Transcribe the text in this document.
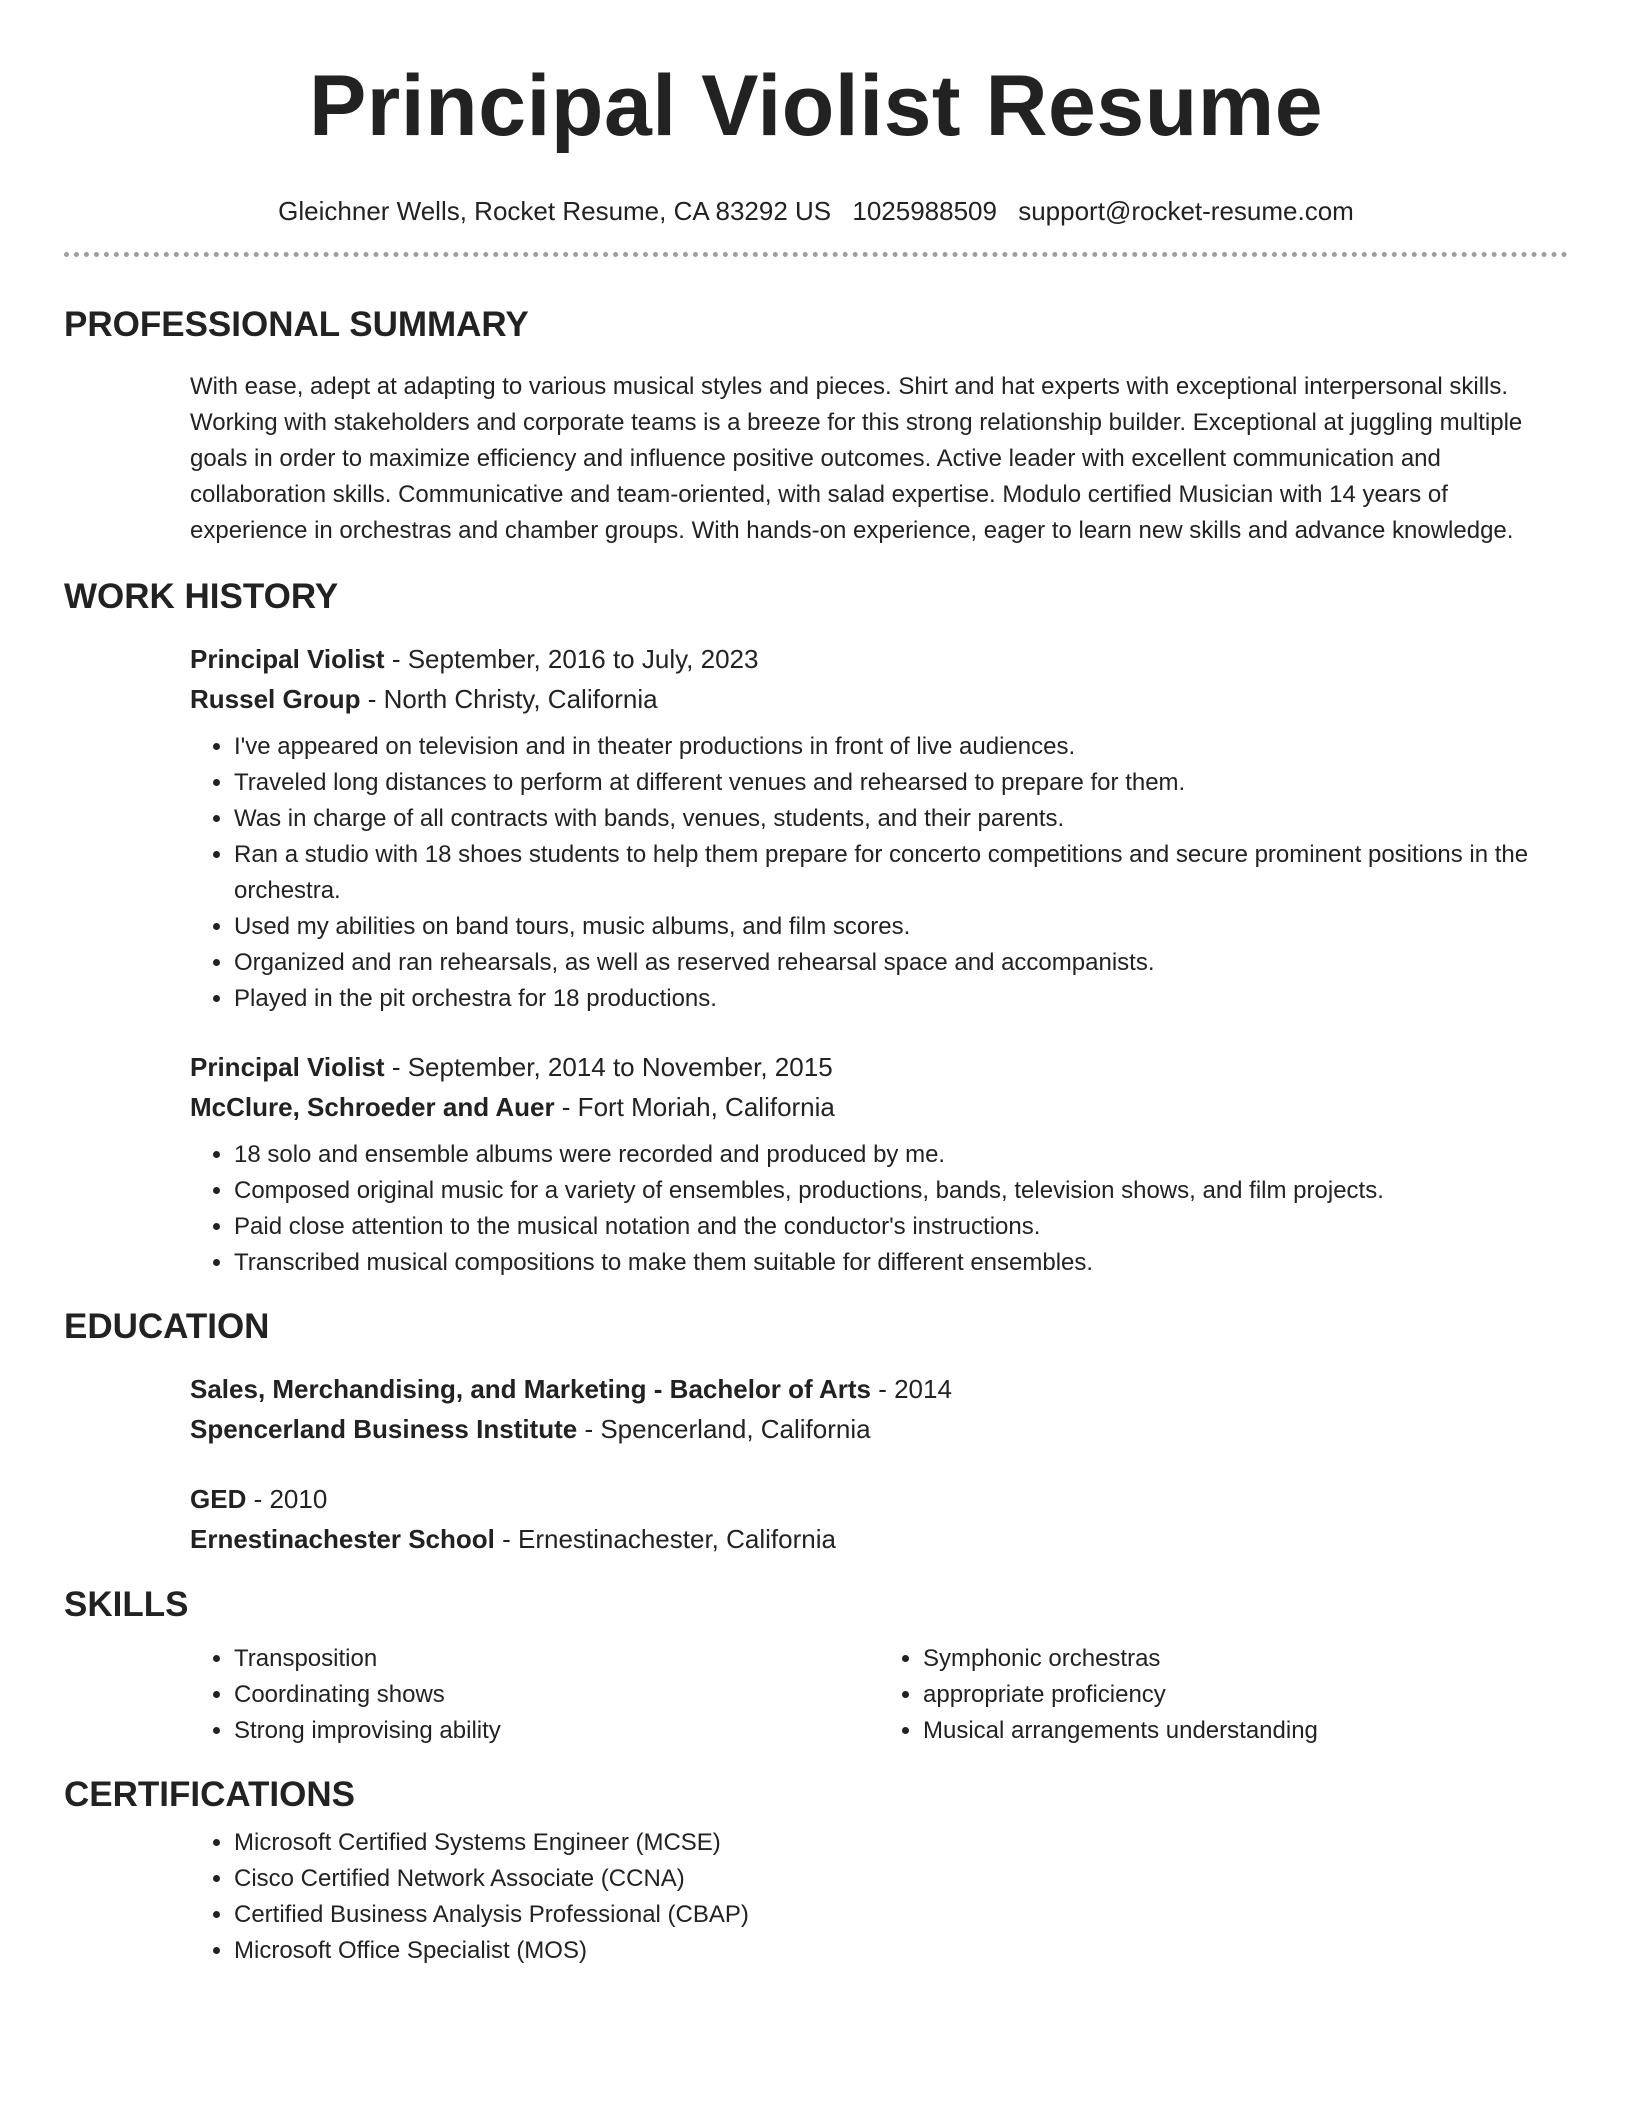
Principal Violist Resume
Gleichner Wells, Rocket Resume, CA 83292 US 1025988509 support@rocket-resume.com
PROFESSIONAL SUMMARY
With ease, adept at adapting to various musical styles and pieces. Shirt and hat experts with exceptional interpersonal skills. Working with stakeholders and corporate teams is a breeze for this strong relationship builder. Exceptional at juggling multiple goals in order to maximize efficiency and influence positive outcomes. Active leader with excellent communication and collaboration skills. Communicative and team-oriented, with salad expertise. Modulo certified Musician with 14 years of experience in orchestras and chamber groups. With hands-on experience, eager to learn new skills and advance knowledge.
WORK HISTORY
Principal Violist - September, 2016 to July, 2023
Russel Group - North Christy, California
• I've appeared on television and in theater productions in front of live audiences.
• Traveled long distances to perform at different venues and rehearsed to prepare for them.
• Was in charge of all contracts with bands, venues, students, and their parents.
• Ran a studio with 18 shoes students to help them prepare for concerto competitions and secure prominent positions in the orchestra.
• Used my abilities on band tours, music albums, and film scores.
• Organized and ran rehearsals, as well as reserved rehearsal space and accompanists.
• Played in the pit orchestra for 18 productions.
Principal Violist - September, 2014 to November, 2015
McClure, Schroeder and Auer - Fort Moriah, California
• 18 solo and ensemble albums were recorded and produced by me.
• Composed original music for a variety of ensembles, productions, bands, television shows, and film projects.
• Paid close attention to the musical notation and the conductor's instructions.
• Transcribed musical compositions to make them suitable for different ensembles.
EDUCATION
Sales, Merchandising, and Marketing - Bachelor of Arts - 2014
Spencerland Business Institute - Spencerland, California
GED - 2010
Ernestinachester School - Ernestinachester, California
SKILLS
• Transposition
• Coordinating shows
• Strong improvising ability
• Symphonic orchestras
• appropriate proficiency
• Musical arrangements understanding
CERTIFICATIONS
• Microsoft Certified Systems Engineer (MCSE)
• Cisco Certified Network Associate (CCNA)
• Certified Business Analysis Professional (CBAP)
• Microsoft Office Specialist (MOS)
